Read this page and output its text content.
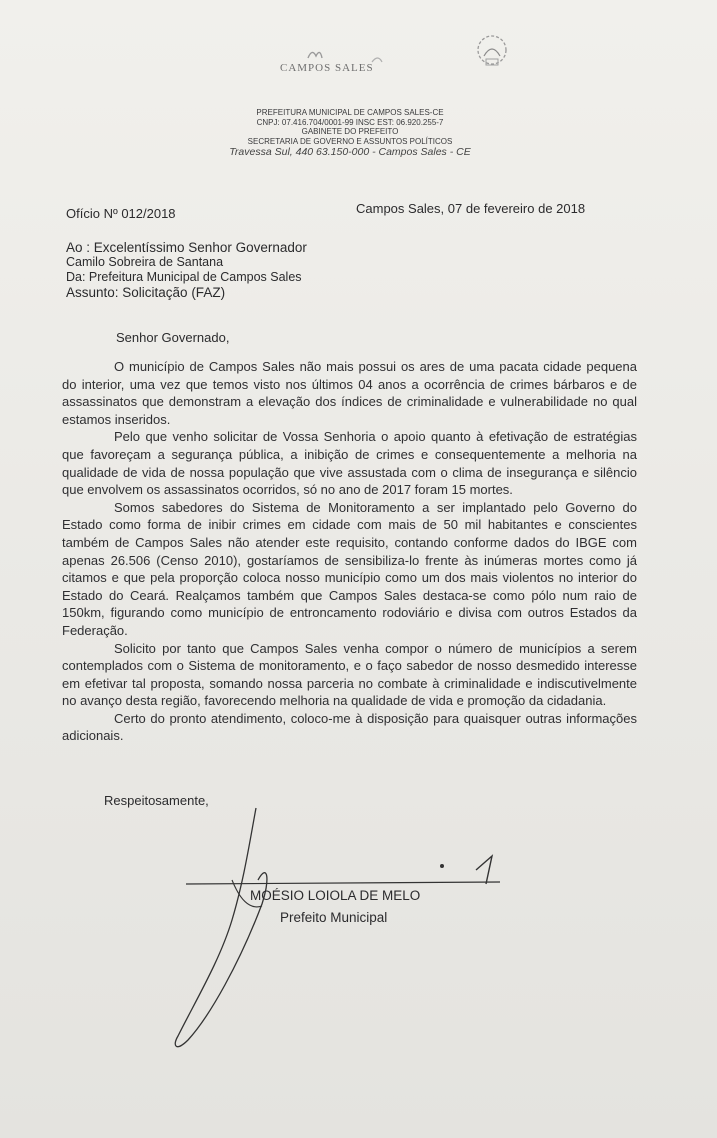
CAMPOS SALES
PREFEITURA MUNICIPAL DE CAMPOS SALES-CE
CNPJ: 07.416.704/0001-99 INSC EST: 06.920.255-7
GABINETE DO PREFEITO
SECRETARIA DE GOVERNO E ASSUNTOS POLÍTICOS
Travessa Sul, 440 63.150-000 - Campos Sales - CE
Ofício Nº 012/2018	Campos Sales, 07 de fevereiro de 2018
Ao : Excelentíssimo Senhor Governador
Camilo Sobreira de Santana
Da: Prefeitura Municipal de Campos Sales
Assunto: Solicitação (FAZ)
Senhor Governado,

O município de Campos Sales não mais possui os ares de uma pacata cidade pequena do interior, uma vez que temos visto nos últimos 04 anos a ocorrência de crimes bárbaros e de assassinatos que demonstram a elevação dos índices de criminalidade e vulnerabilidade no qual estamos inseridos.

Pelo que venho solicitar de Vossa Senhoria o apoio quanto à efetivação de estratégias que favoreçam a segurança pública, a inibição de crimes e consequentemente a melhoria na qualidade de vida de nossa população que vive assustada com o clima de insegurança e silêncio que envolvem os assassinatos ocorridos, só no ano de 2017 foram 15 mortes.

Somos sabedores do Sistema de Monitoramento a ser implantado pelo Governo do Estado como forma de inibir crimes em cidade com mais de 50 mil habitantes e conscientes também de Campos Sales não atender este requisito, contando conforme dados do IBGE com apenas 26.506 (Censo 2010), gostaríamos de sensibiliza-lo frente às inúmeras mortes como já citamos e que pela proporção coloca nosso município como um dos mais violentos no interior do Estado do Ceará. Realçamos também que Campos Sales destaca-se como pólo num raio de 150km, figurando como município de entroncamento rodoviário e divisa com outros Estados da Federação.

Solicito por tanto que Campos Sales venha compor o número de municípios a serem contemplados com o Sistema de monitoramento, e o faço sabedor de nosso desmedido interesse em efetivar tal proposta, somando nossa parceria no combate à criminalidade e indiscutivelmente no avanço desta região, favorecendo melhoria na qualidade de vida e promoção da cidadania.

Certo do pronto atendimento, coloco-me à disposição para quaisquer outras informações adicionais.

Respeitosamente,
MOÉSIO LOIOLA DE MELO
Prefeito Municipal
